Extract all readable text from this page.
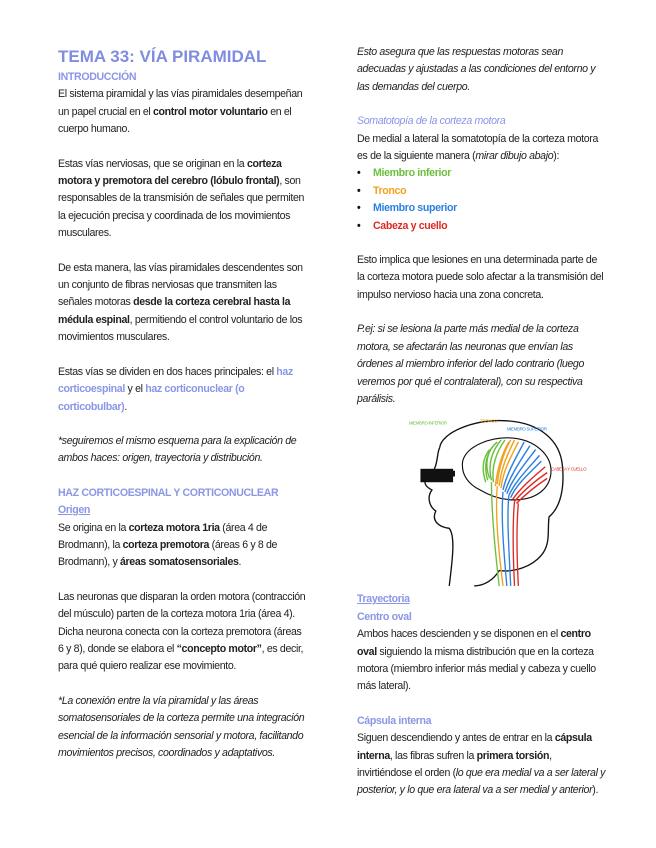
TEMA 33: VÍA PIRAMIDAL

INTRODUCCIÓN

El sistema piramidal y las vías piramidales desempeñan un papel crucial en el control motor voluntario en el cuerpo humano.

Estas vías nerviosas, que se originan en la corteza motora y premotora del cerebro (lóbulo frontal), son responsables de la transmisión de señales que permiten la ejecución precisa y coordinada de los movimientos musculares.

De esta manera, las vías piramidales descendentes son un conjunto de fibras nerviosas que transmiten las señales motoras desde la corteza cerebral hasta la médula espinal, permitiendo el control voluntario de los movimientos musculares.

Estas vías se dividen en dos haces principales: el haz corticoespinal y el haz corticonuclear (o corticobulbar).

*seguiremos el mismo esquema para la explicación de ambos haces: origen, trayectoria y distribución.

HAZ CORTICOESPINAL Y CORTICONUCLEAR

Origen

Se origina en la corteza motora 1ria (área 4 de Brodmann), la corteza premotora (áreas 6 y 8 de Brodmann), y áreas somatosensoriales.

Las neuronas que disparan la orden motora (contracción del músculo) parten de la corteza motora 1ria (área 4). Dicha neurona conecta con la corteza premotora (áreas 6 y 8), donde se elabora el “concepto motor”, es decir, para qué quiero realizar ese movimiento.

*La conexión entre la vía piramidal y las áreas somatosensoriales de la corteza permite una integración esencial de la información sensorial y motora, facilitando movimientos precisos, coordinados y adaptativos.

Esto asegura que las respuestas motoras sean adecuadas y ajustadas a las condiciones del entorno y las demandas del cuerpo.

Somatotopía de la corteza motora

De medial a lateral la somatotopía de la corteza motora es de la siguiente manera (mirar dibujo abajo):

• Miembro inferior
• Tronco
• Miembro superior
• Cabeza y cuello

Esto implica que lesiones en una determinada parte de la corteza motora puede solo afectar a la transmisión del impulso nervioso hacia una zona concreta.

P.ej: si se lesiona la parte más medial de la corteza motora, se afectarán las neuronas que envían las órdenes al miembro inferior del lado contrario (luego veremos por qué el contralateral), con su respectiva parálisis.

MIEMBRO INFERIOR	TRONCO
MIEMBRO SUPERIOR
CABEZA Y CUELLO

Trayectoria

Centro oval

Ambos haces descienden y se disponen en el centro oval siguiendo la misma distribución que en la corteza motora (miembro inferior más medial y cabeza y cuello más lateral).

Cápsula interna

Siguen descendiendo y antes de entrar en la cápsula interna, las fibras sufren la primera torsión, invirtiéndose el orden (lo que era medial va a ser lateral y posterior, y lo que era lateral va a ser medial y anterior).
